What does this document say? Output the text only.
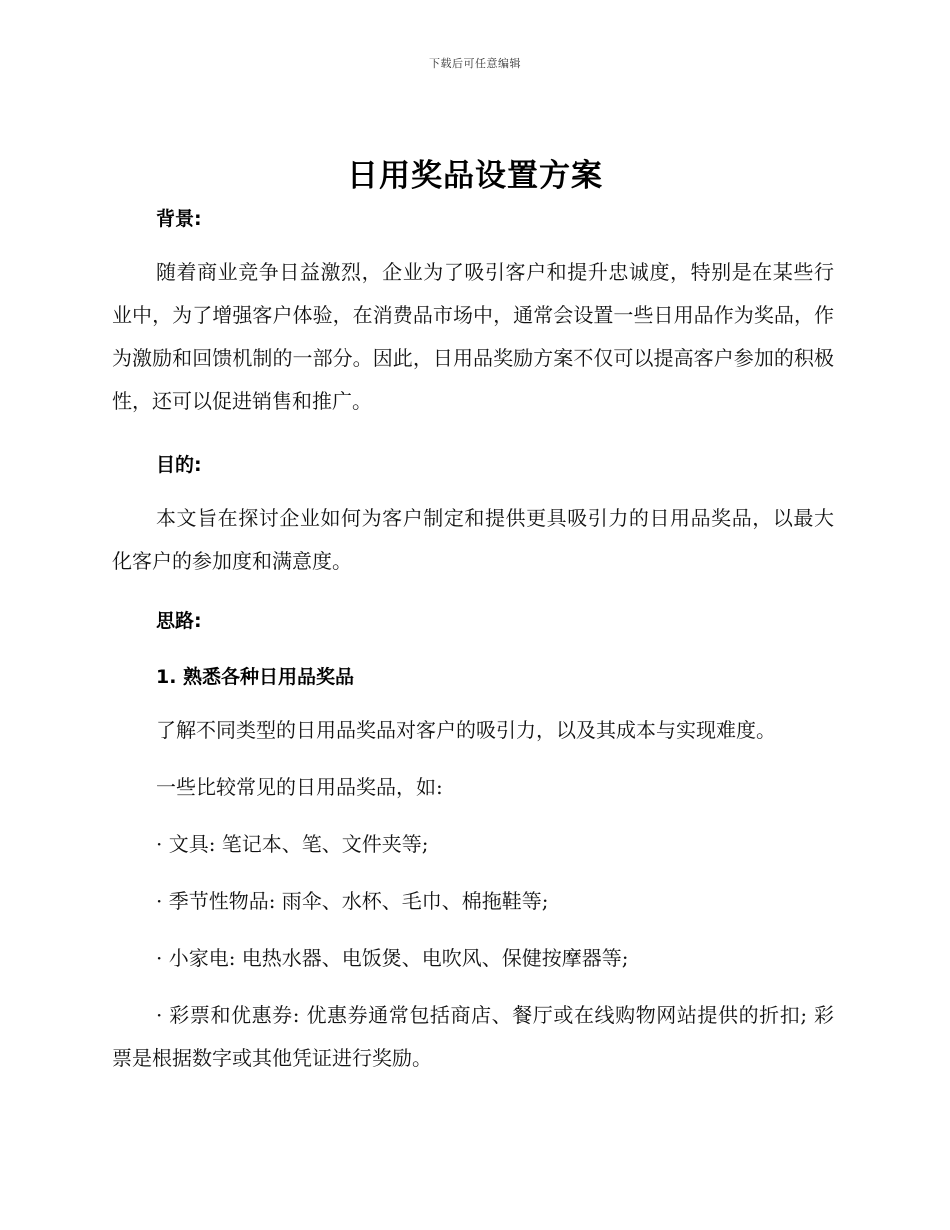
下载后可任意编辑
日用奖品设置方案

背景:

随着商业竞争日益激烈，企业为了吸引客户和提升忠诚度，特别是在某些行业中，为了增强客户体验，在消费品市场中，通常会设置一些日用品作为奖品，作为激励和回馈机制的一部分。因此，日用品奖励方案不仅可以提高客户参加的积极性，还可以促进销售和推广。

目的:

本文旨在探讨企业如何为客户制定和提供更具吸引力的日用品奖品，以最大化客户的参加度和满意度。

思路:

1. 熟悉各种日用品奖品

了解不同类型的日用品奖品对客户的吸引力，以及其成本与实现难度。

一些比较常见的日用品奖品，如:

· 文具: 笔记本、笔、文件夹等;

· 季节性物品: 雨伞、水杯、毛巾、棉拖鞋等;

· 小家电: 电热水器、电饭煲、电吹风、保健按摩器等;

· 彩票和优惠券: 优惠券通常包括商店、餐厅或在线购物网站提供的折扣; 彩票是根据数字或其他凭证进行奖励。
